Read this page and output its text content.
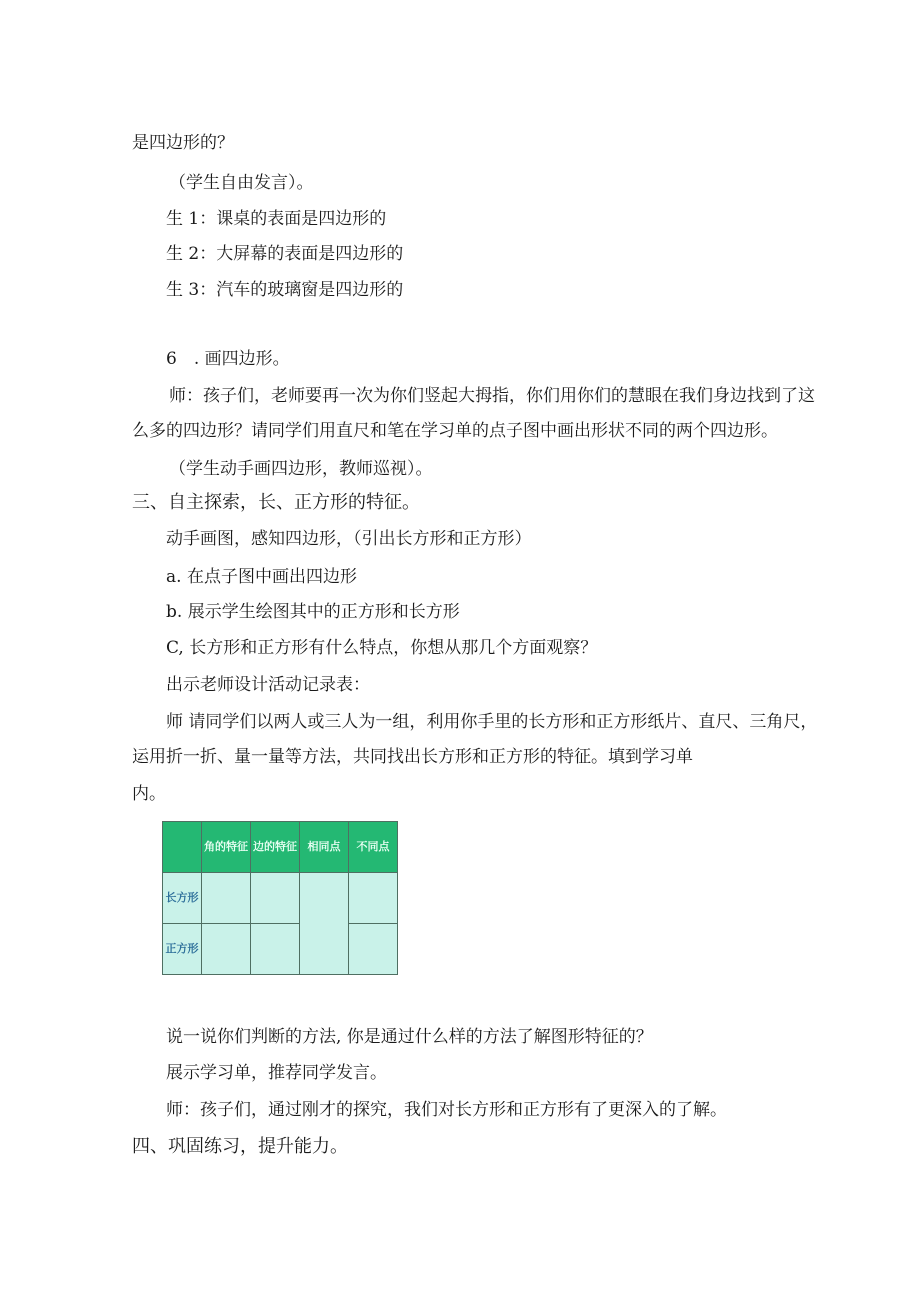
是四边形的？
（学生自由发言）。
生 1：课桌的表面是四边形的
生 2：大屏幕的表面是四边形的
生 3：汽车的玻璃窗是四边形的
6　. 画四边形。
师：孩子们，老师要再一次为你们竖起大拇指，你们用你们的慧眼在我们身边找到了这
么多的四边形？请同学们用直尺和笔在学习单的点子图中画出形状不同的两个四边形。
（学生动手画四边形，教师巡视）。
三、自主探索，长、正方形的特征。
动手画图，感知四边形，（引出长方形和正方形）
a. 在点子图中画出四边形
b. 展示学生绘图其中的正方形和长方形
C, 长方形和正方形有什么特点，你想从那几个方面观察？
出示老师设计活动记录表：
师 请同学们以两人或三人为一组，利用你手里的长方形和正方形纸片、直尺、三角尺，
运用折一折、量一量等方法，共同找出长方形和正方形的特征。填到学习单
内。
	角的特征	边的特征	相同点	不同点
长方形				
正方形				
说一说你们判断的方法, 你是通过什么样的方法了解图形特征的？
展示学习单，推荐同学发言。
师：孩子们，通过刚才的探究，我们对长方形和正方形有了更深入的了解。
四、巩固练习，提升能力。
